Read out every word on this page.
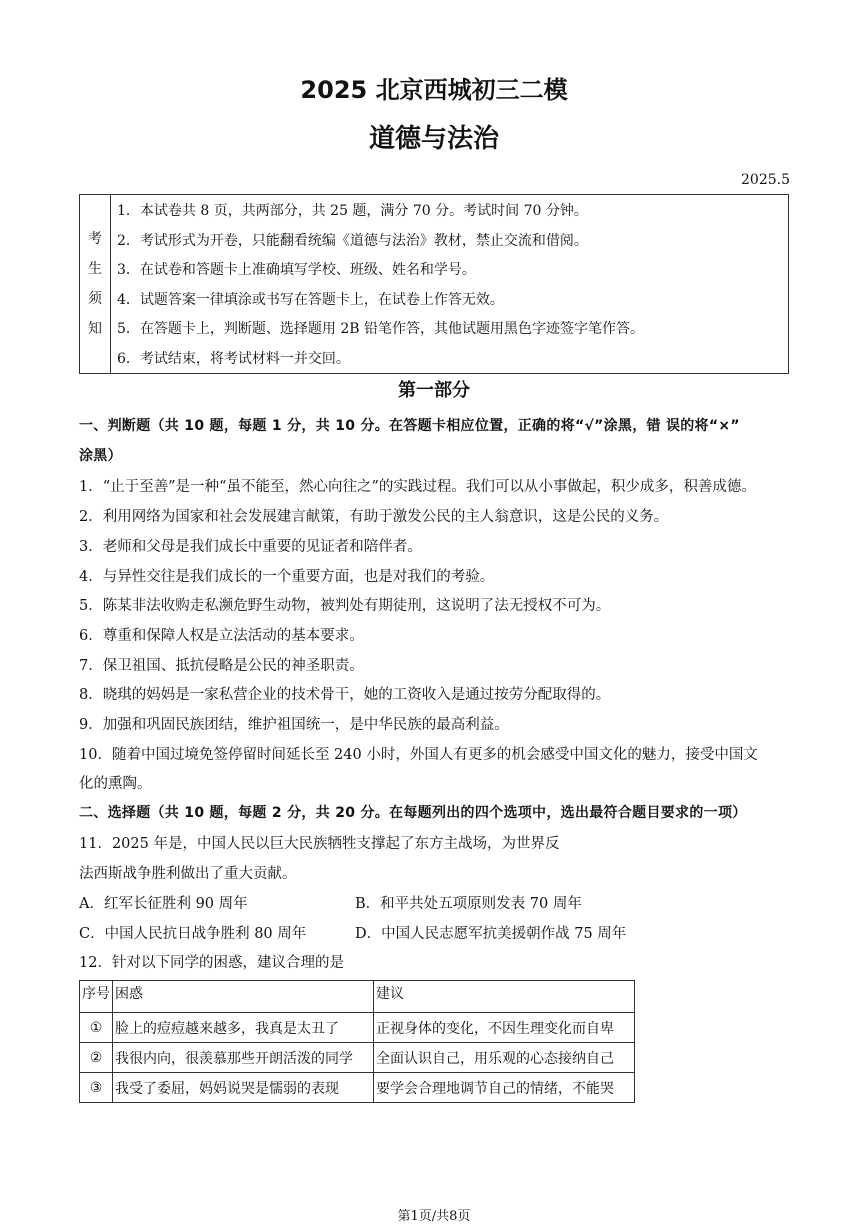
2025 北京西城初三二模
道德与法治
2025.5
考
生
须
知
1．本试卷共 8 页，共两部分，共 25 题，满分 70 分。考试时间 70 分钟。
2．考试形式为开卷，只能翻看统编《道德与法治》教材，禁止交流和借阅。
3．在试卷和答题卡上准确填写学校、班级、姓名和学号。
4．试题答案一律填涂或书写在答题卡上，在试卷上作答无效。
5．在答题卡上，判断题、选择题用 2B 铅笔作答，其他试题用黑色字迹签字笔作答。
6．考试结束，将考试材料一并交回。
第一部分
一、判断题（共 10 题，每题 1 分，共 10 分。在答题卡相应位置，正确的将“√”涂黑，错 误的将“×”
涂黑）
1．“止于至善”是一种“虽不能至，然心向往之”的实践过程。我们可以从小事做起，积少成多，积善成德。
2．利用网络为国家和社会发展建言献策，有助于激发公民的主人翁意识，这是公民的义务。
3．老师和父母是我们成长中重要的见证者和陪伴者。
4．与异性交往是我们成长的一个重要方面，也是对我们的考验。
5．陈某非法收购走私濒危野生动物，被判处有期徒刑，这说明了法无授权不可为。
6．尊重和保障人权是立法活动的基本要求。
7．保卫祖国、抵抗侵略是公民的神圣职责。
8．晓琪的妈妈是一家私营企业的技术骨干，她的工资收入是通过按劳分配取得的。
9．加强和巩固民族团结，维护祖国统一，是中华民族的最高利益。
10．随着中国过境免签停留时间延长至 240 小时，外国人有更多的机会感受中国文化的魅力，接受中国文
化的熏陶。
二、选择题（共 10 题，每题 2 分，共 20 分。在每题列出的四个选项中，选出最符合题目要求的一项）
11．2025 年是，中国人民以巨大民族牺牲支撑起了东方主战场，为世界反
法西斯战争胜利做出了重大贡献。
A．红军长征胜利 90 周年	B．和平共处五项原则发表 70 周年
C．中国人民抗日战争胜利 80 周年	D．中国人民志愿军抗美援朝作战 75 周年
12．针对以下同学的困惑，建议合理的是
序号	困惑	建议
①	脸上的痘痘越来越多，我真是太丑了	正视身体的变化，不因生理变化而自卑
②	我很内向，很羡慕那些开朗活泼的同学	全面认识自己，用乐观的心态接纳自己
③	我受了委屈，妈妈说哭是懦弱的表现	要学会合理地调节自己的情绪，不能哭
第1页/共8页
